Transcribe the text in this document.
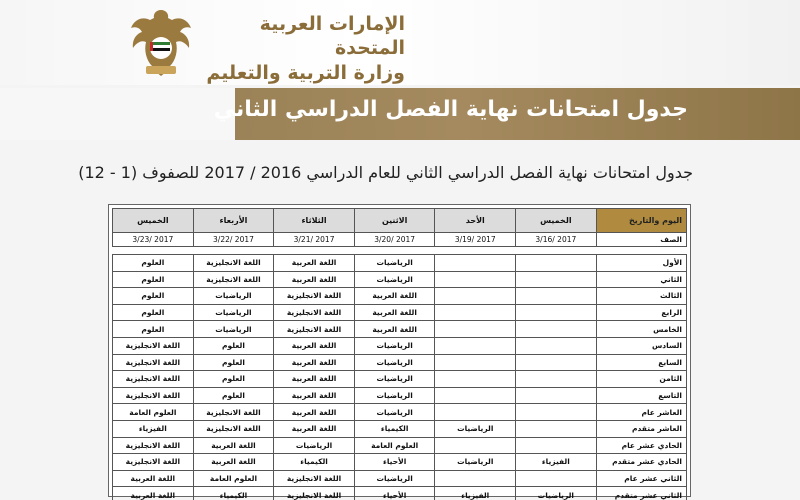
الإمارات العربية المتحدة
وزارة التربية والتعليم
جدول امتحانات نهاية الفصل الدراسي الثاني
جدول امتحانات نهاية الفصل الدراسي الثاني للعام الدراسي 2016 / 2017 للصفوف (1 - 12)
اليوم والتاريخ	الخميس	الأحد	الاثنين	الثلاثاء	الأربعاء	الخميس
الصف	2017 /3/16	2017 /3/19	2017 /3/20	2017 /3/21	2017 /3/22	2017 /3/23

الأول			الرياضيات	اللغة العربية	اللغة الانجليزية	العلوم
الثاني			الرياضيات	اللغة العربية	اللغة الانجليزية	العلوم
الثالث			اللغة العربية	اللغة الانجليزية	الرياضيات	العلوم
الرابع			اللغة العربية	اللغة الانجليزية	الرياضيات	العلوم
الخامس			اللغة العربية	اللغة الانجليزية	الرياضيات	العلوم
السادس			الرياضيات	اللغة العربية	العلوم	اللغة الانجليزية
السابع			الرياضيات	اللغة العربية	العلوم	اللغة الانجليزية
الثامن			الرياضيات	اللغة العربية	العلوم	اللغة الانجليزية
التاسع			الرياضيات	اللغة العربية	العلوم	اللغة الانجليزية
العاشر عام			الرياضيات	اللغة العربية	اللغة الانجليزية	العلوم العامة
العاشر متقدم		الرياضيات	الكيمياء	اللغة العربية	اللغة الانجليزية	الفيزياء
الحادي عشر عام			العلوم العامة	الرياضيات	اللغة العربية	اللغة الانجليزية
الحادي عشر متقدم	الفيزياء	الرياضيات	الأحياء	الكيمياء	اللغة العربية	اللغة الانجليزية
الثاني عشر عام			الرياضيات	اللغة الانجليزية	العلوم العامة	اللغة العربية
الثاني عشر متقدم	الرياضيات	الفيزياء	الأحياء	اللغة الانجليزية	الكيمياء	اللغة العربية
